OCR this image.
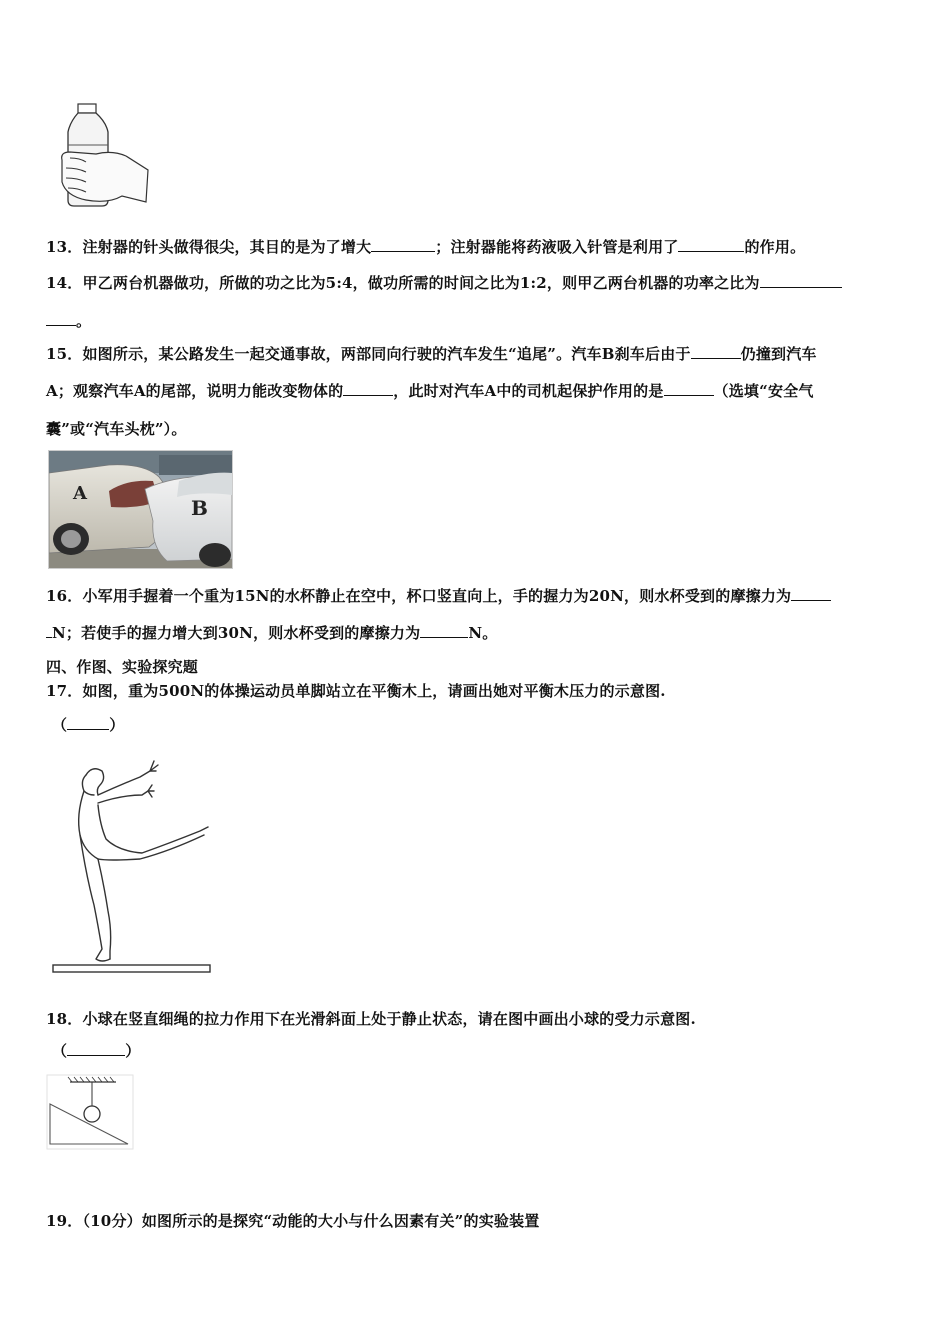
13．注射器的针头做得很尖，其目的是为了增大	；注射器能将药液吸入针管是利用了	的作用。
14．甲乙两台机器做功，所做的功之比为5:4，做功所需的时间之比为1:2，则甲乙两台机器的功率之比为
。
15．如图所示，某公路发生一起交通事故，两部同向行驶的汽车发生“追尾”。汽车B刹车后由于	仍撞到汽车
A；观察汽车A的尾部，说明力能改变物体的	，此时对汽车A中的司机起保护作用的是	（选填“安全气
囊”或“汽车头枕”）。
A
B
16．小军用手握着一个重为15N的水杯静止在空中，杯口竖直向上，手的握力为20N，则水杯受到的摩擦力为
N；若使手的握力增大到30N，则水杯受到的摩擦力为	N。
四、作图、实验探究题
17．如图，重为500N的体操运动员单脚站立在平衡木上，请画出她对平衡木压力的示意图.
（	）
18．小球在竖直细绳的拉力作用下在光滑斜面上处于静止状态，请在图中画出小球的受力示意图.
（	）
19．（10分）如图所示的是探究“动能的大小与什么因素有关”的实验装置
